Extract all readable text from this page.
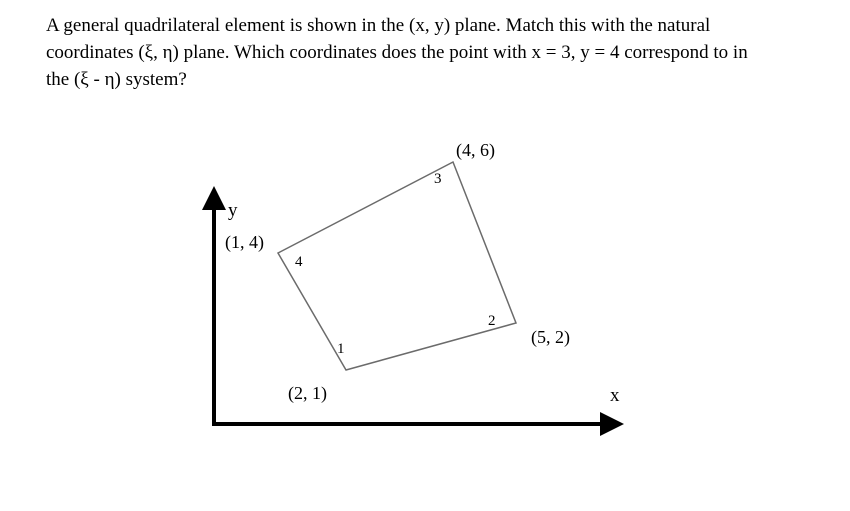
A general quadrilateral element is shown in the (x, y) plane. Match this with the natural
coordinates (ξ, η) plane. Which coordinates does the point with x = 3, y = 4 correspond to in
the (ξ - η) system?

y
x
1
2
3
4
(2, 1)
(5, 2)
(4, 6)
(1, 4)
